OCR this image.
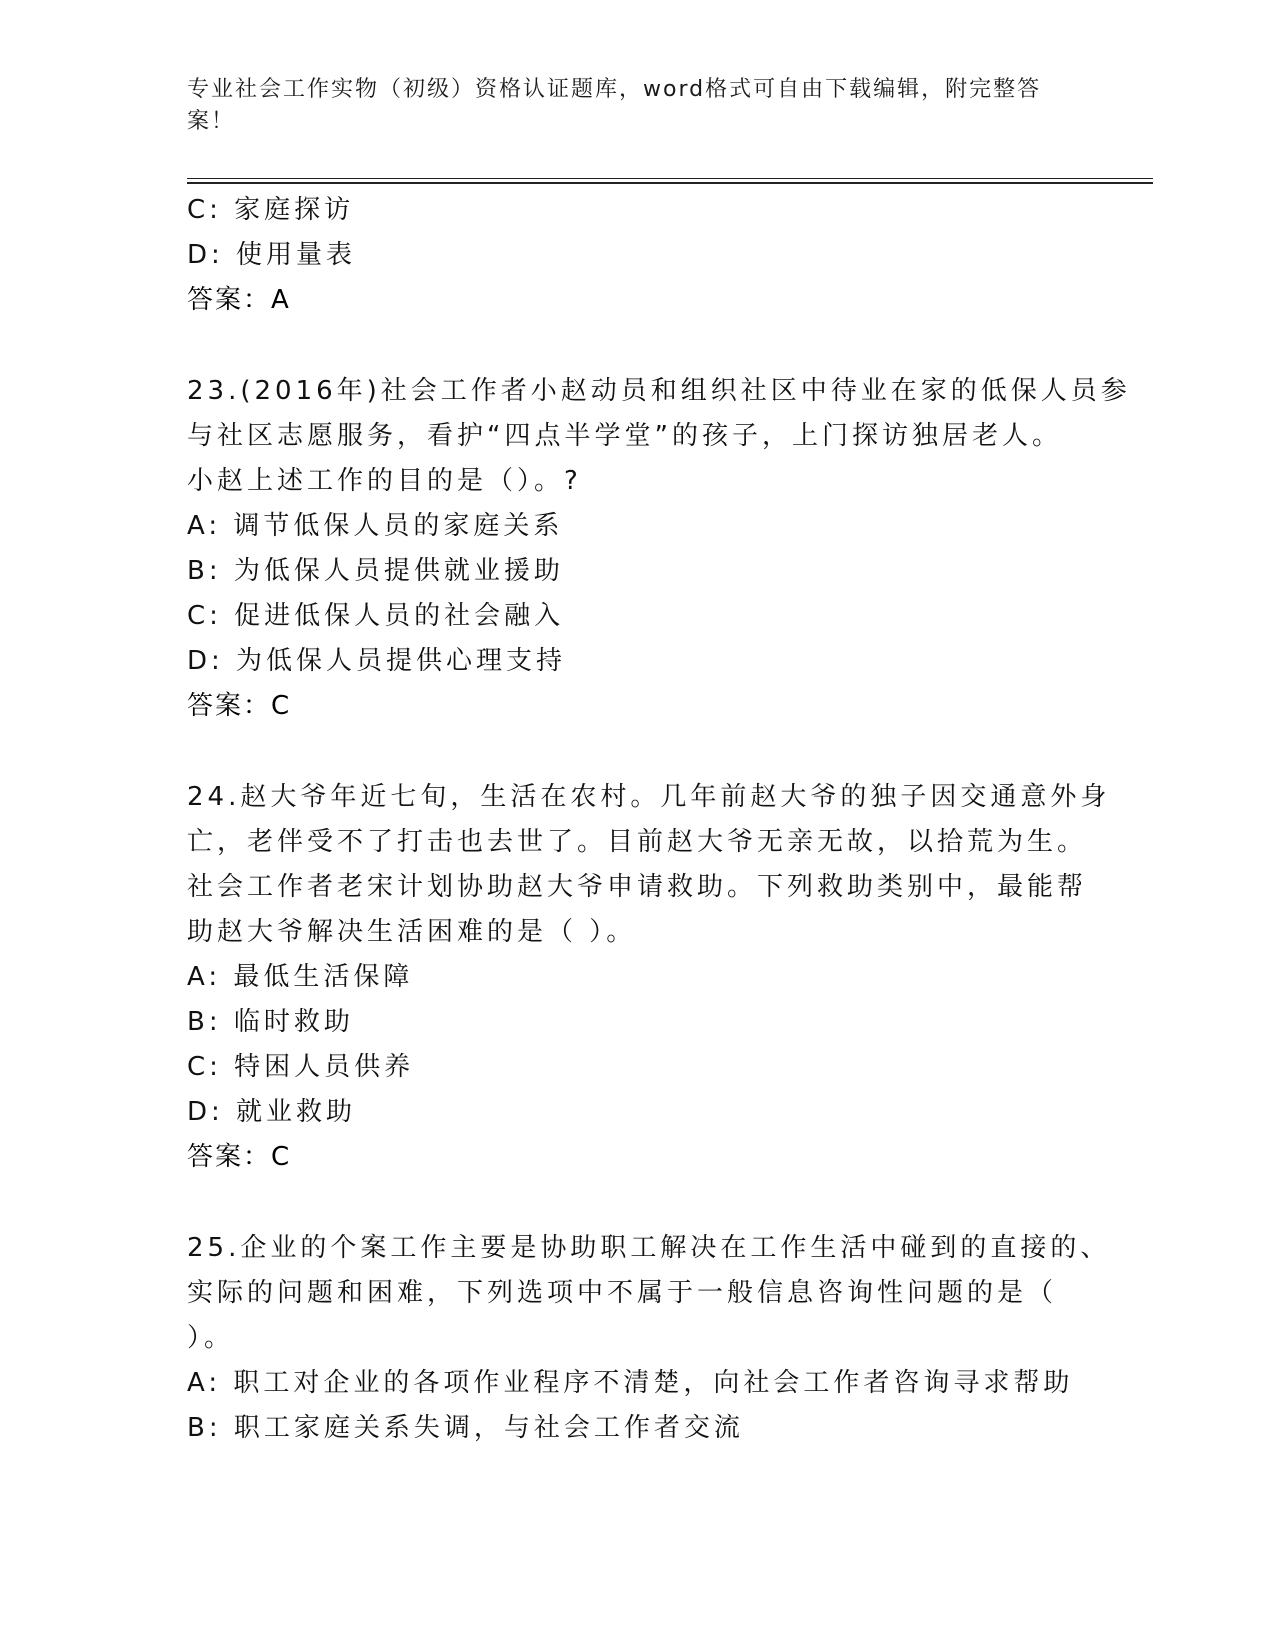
专业社会工作实物（初级）资格认证题库，word格式可自由下载编辑，附完整答
案！
C: 家庭探访
D: 使用量表
答案：A
23.(2016年)社会工作者小赵动员和组织社区中待业在家的低保人员参
与社区志愿服务，看护“四点半学堂”的孩子，上门探访独居老人。
小赵上述工作的目的是（）。?
A: 调节低保人员的家庭关系
B: 为低保人员提供就业援助
C: 促进低保人员的社会融入
D: 为低保人员提供心理支持
答案：C
24.赵大爷年近七旬，生活在农村。几年前赵大爷的独子因交通意外身
亡，老伴受不了打击也去世了。目前赵大爷无亲无故，以拾荒为生。
社会工作者老宋计划协助赵大爷申请救助。下列救助类别中，最能帮
助赵大爷解决生活困难的是（ ）。
A: 最低生活保障
B: 临时救助
C: 特困人员供养
D: 就业救助
答案：C
25.企业的个案工作主要是协助职工解决在工作生活中碰到的直接的、
实际的问题和困难，下列选项中不属于一般信息咨询性问题的是（
）。
A: 职工对企业的各项作业程序不清楚，向社会工作者咨询寻求帮助
B: 职工家庭关系失调，与社会工作者交流
